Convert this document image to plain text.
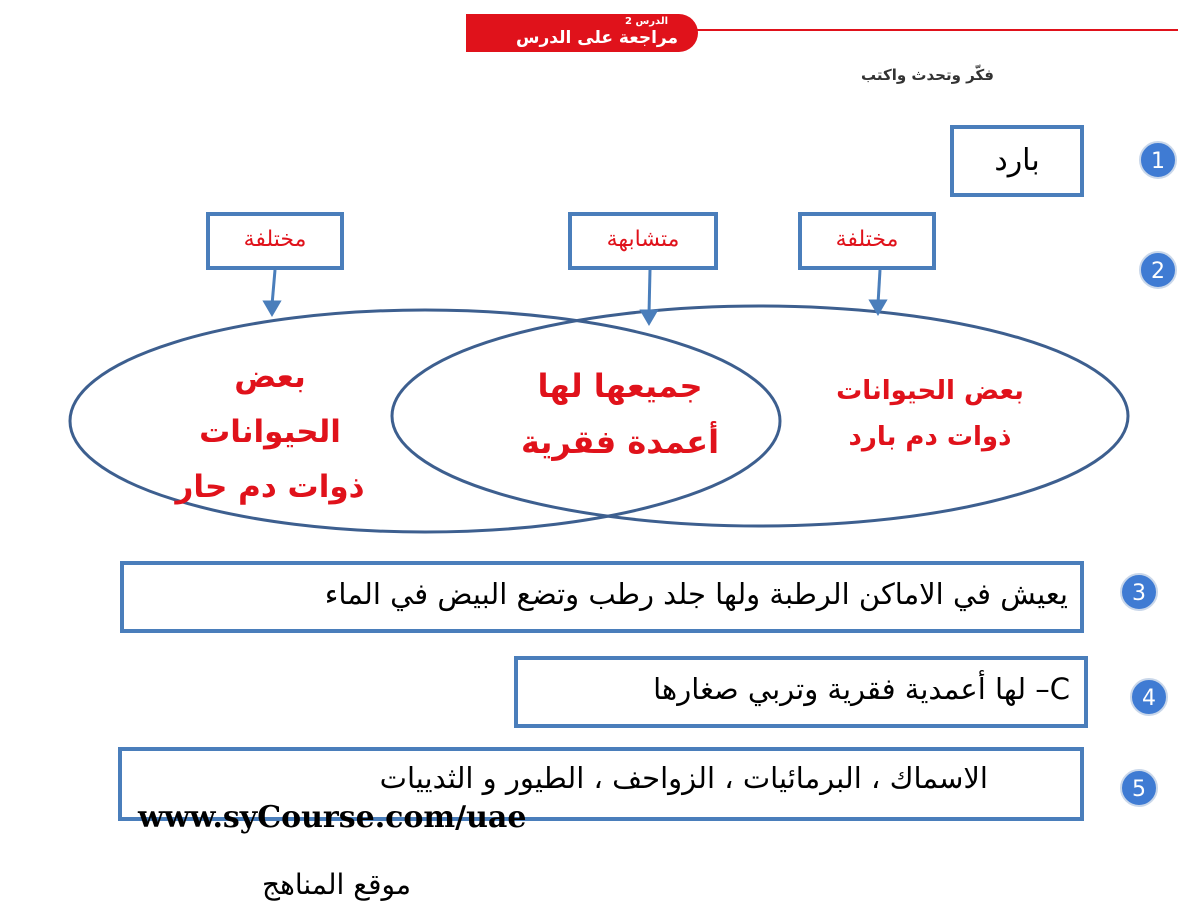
الدرس 2
مراجعة على الدرس
فكّر وتحدث واكتب
1
بارد
2
مختلفة	متشابهة	مختلفة
بعض
الحيوانات
ذوات دم حار
جميعها لها
أعمدة فقرية
بعض الحيوانات
ذوات دم بارد
3
يعيش في الاماكن الرطبة ولها جلد رطب وتضع البيض في الماء
4
C– لها أعمدية فقرية وتربي صغارها
5
الاسماك ، البرمائيات ، الزواحف ، الطيور و الثدييات
www.syCourse.com/uae
موقع المناهج
